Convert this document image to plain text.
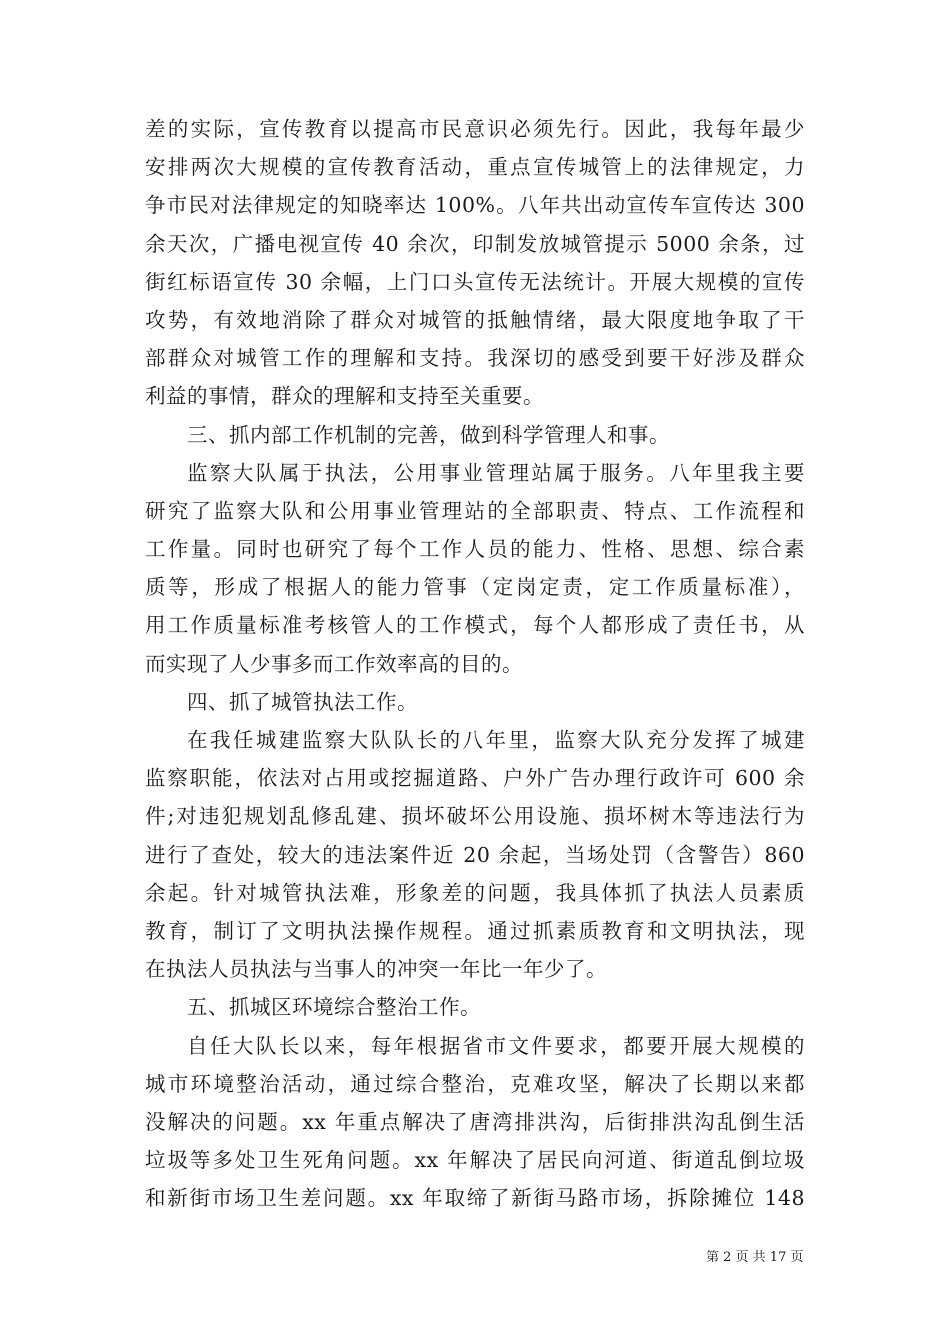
差的实际，宣传教育以提高市民意识必须先行。因此，我每年最少
安排两次大规模的宣传教育活动，重点宣传城管上的法律规定，力
争市民对法律规定的知晓率达 100%。八年共出动宣传车宣传达 300
余天次，广播电视宣传 40 余次，印制发放城管提示 5000 余条，过
街红标语宣传 30 余幅，上门口头宣传无法统计。开展大规模的宣传
攻势，有效地消除了群众对城管的抵触情绪，最大限度地争取了干
部群众对城管工作的理解和支持。我深切的感受到要干好涉及群众
利益的事情，群众的理解和支持至关重要。
三、抓内部工作机制的完善，做到科学管理人和事。
监察大队属于执法，公用事业管理站属于服务。八年里我主要
研究了监察大队和公用事业管理站的全部职责、特点、工作流程和
工作量。同时也研究了每个工作人员的能力、性格、思想、综合素
质等，形成了根据人的能力管事（定岗定责，定工作质量标准），
用工作质量标准考核管人的工作模式，每个人都形成了责任书，从
而实现了人少事多而工作效率高的目的。
四、抓了城管执法工作。
在我任城建监察大队队长的八年里，监察大队充分发挥了城建
监察职能，依法对占用或挖掘道路、户外广告办理行政许可 600 余
件;对违犯规划乱修乱建、损坏破坏公用设施、损坏树木等违法行为
进行了查处，较大的违法案件近 20 余起，当场处罚（含警告）860
余起。针对城管执法难，形象差的问题，我具体抓了执法人员素质
教育，制订了文明执法操作规程。通过抓素质教育和文明执法，现
在执法人员执法与当事人的冲突一年比一年少了。
五、抓城区环境综合整治工作。
自任大队长以来，每年根据省市文件要求，都要开展大规模的
城市环境整治活动，通过综合整治，克难攻坚，解决了长期以来都
没解决的问题。xx 年重点解决了唐湾排洪沟，后街排洪沟乱倒生活
垃圾等多处卫生死角问题。xx 年解决了居民向河道、街道乱倒垃圾
和新街市场卫生差问题。xx 年取缔了新街马路市场，拆除摊位 148
第 2 页 共 17 页
